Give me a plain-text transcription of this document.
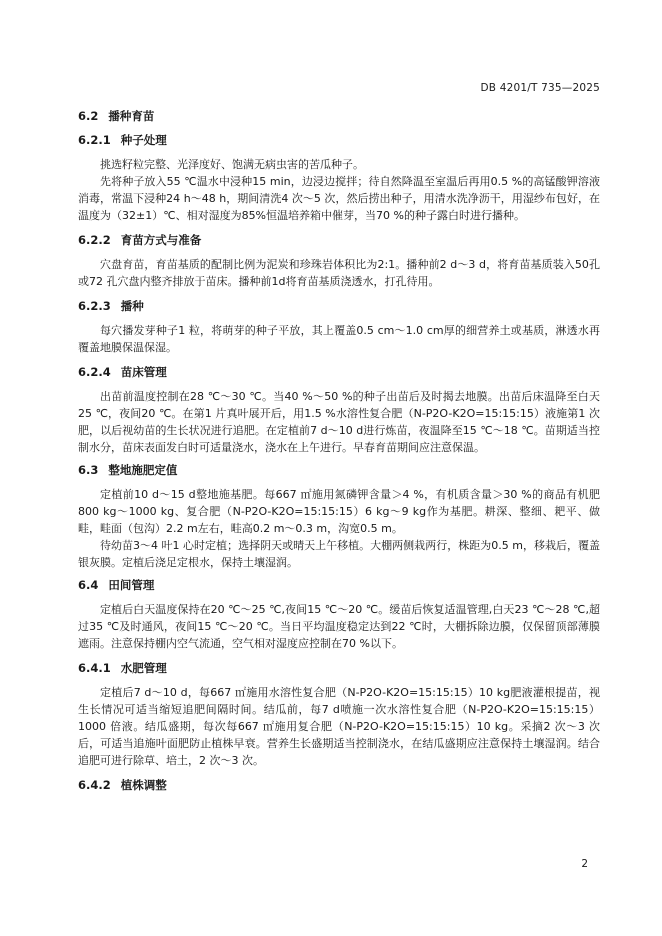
DB 4201/T 735—2025
6.2 播种育苗
6.2.1 种子处理

挑选籽粒完整、光泽度好、饱满无病虫害的苦瓜种子。

先将种子放入55 ℃温水中浸种15 min，边浸边搅拌；待自然降温至室温后再用0.5 %的高锰酸钾溶液消毒，常温下浸种24 h～48 h，期间清洗4 次～5 次，然后捞出种子，用清水洗净沥干，用湿纱布包好，在温度为（32±1）℃、相对湿度为85%恒温培养箱中催芽，当70 %的种子露白时进行播种。

6.2.2 育苗方式与准备

穴盘育苗，育苗基质的配制比例为泥炭和珍珠岩体积比为2:1。播种前2 d～3 d，将育苗基质装入50孔或72 孔穴盘内整齐排放于苗床。播种前1d将育苗基质浇透水，打孔待用。

6.2.3 播种

每穴播发芽种子1 粒，将萌芽的种子平放，其上覆盖0.5 cm～1.0 cm厚的细营养土或基质，淋透水再覆盖地膜保温保湿。

6.2.4 苗床管理

出苗前温度控制在28 ℃～30 ℃。当40 %～50 %的种子出苗后及时揭去地膜。出苗后床温降至白天25 ℃，夜间20 ℃。在第1 片真叶展开后，用1.5 %水溶性复合肥（N-P2O-K2O=15:15:15）液施第1 次肥，以后视幼苗的生长状况进行追肥。在定植前7 d～10 d进行炼苗，夜温降至15 ℃～18 ℃。苗期适当控制水分，苗床表面发白时可适量浇水，浇水在上午进行。早春育苗期间应注意保温。

6.3 整地施肥定值

定植前10 d～15 d整地施基肥。每667 ㎡施用氮磷钾含量＞4 %，有机质含量＞30 %的商品有机肥800 kg～1000 kg、复合肥（N-P2O-K2O=15:15:15）6 kg～9 kg作为基肥。耕深、整细、耙平、做畦，畦面（包沟）2.2 m左右，畦高0.2 m～0.3 m，沟宽0.5 m。

待幼苗3～4 叶1 心时定植；选择阴天或晴天上午移植。大棚两侧栽两行，株距为0.5 m，移栽后，覆盖银灰膜。定植后浇足定根水，保持土壤湿润。

6.4 田间管理

定植后白天温度保持在20 ℃～25 ℃,夜间15 ℃～20 ℃。缓苗后恢复适温管理,白天23 ℃～28 ℃,超过35 ℃及时通风，夜间15 ℃～20 ℃。当日平均温度稳定达到22 ℃时，大棚拆除边膜，仅保留顶部薄膜遮雨。注意保持棚内空气流通，空气相对湿度应控制在70 %以下。

6.4.1 水肥管理

定植后7 d～10 d，每667 ㎡施用水溶性复合肥（N-P2O-K2O=15:15:15）10 kg肥液灌根提苗，视生长情况可适当缩短追肥间隔时间。结瓜前，每7 d喷施一次水溶性复合肥（N-P2O-K2O=15:15:15）1000 倍液。结瓜盛期，每次每667 ㎡施用复合肥（N-P2O-K2O=15:15:15）10 kg。采摘2 次～3 次后，可适当追施叶面肥防止植株早衰。营养生长盛期适当控制浇水，在结瓜盛期应注意保持土壤湿润。结合追肥可进行除草、培土，2 次～3 次。

6.4.2 植株调整
2
